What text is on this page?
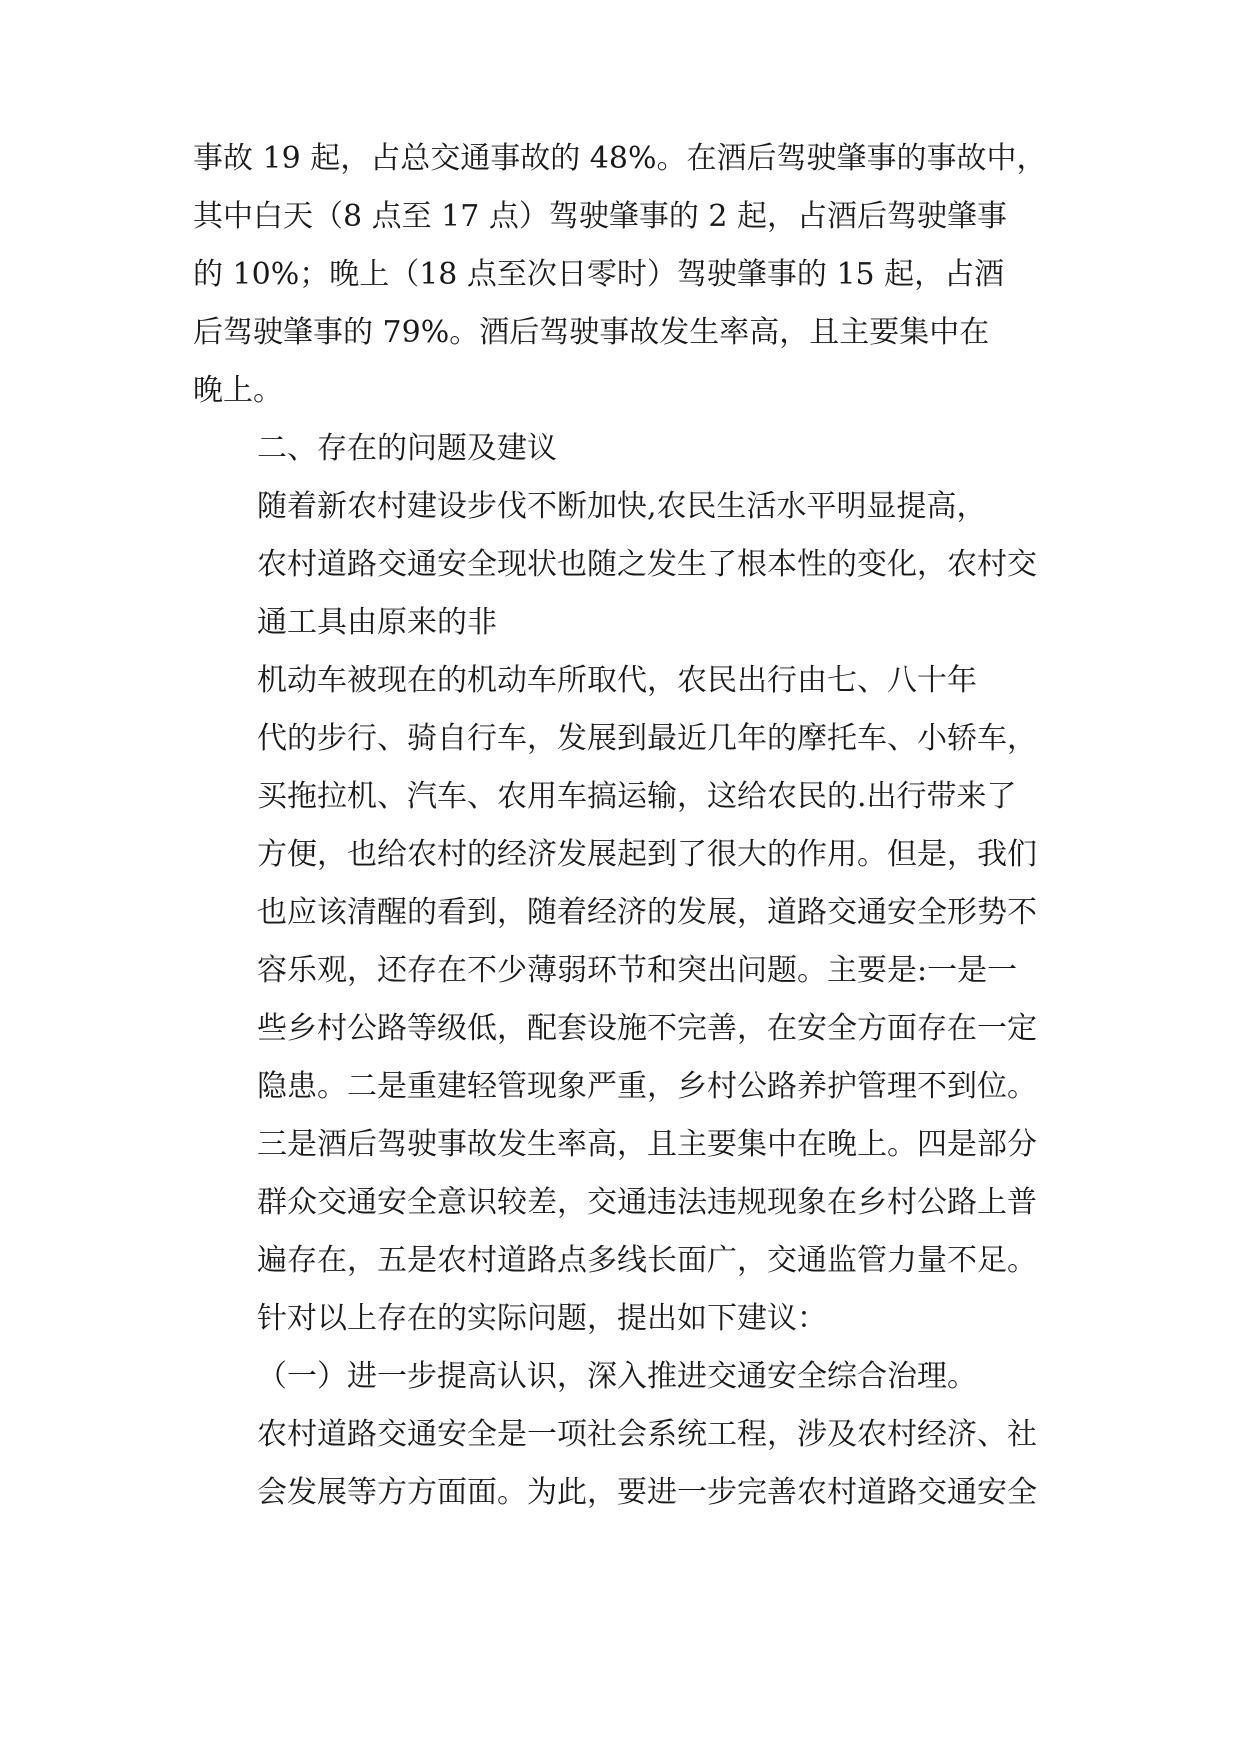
事故 19 起，占总交通事故的 48%。在酒后驾驶肇事的事故中，
其中白天（8 点至 17 点）驾驶肇事的 2 起，占酒后驾驶肇事
的 10%；晚上（18 点至次日零时）驾驶肇事的 15 起，占酒
后驾驶肇事的 79%。酒后驾驶事故发生率高，且主要集中在
晚上。

二、存在的问题及建议

随着新农村建设步伐不断加快,农民生活水平明显提高，
农村道路交通安全现状也随之发生了根本性的变化，农村交
通工具由原来的非

机动车被现在的机动车所取代，农民出行由七、八十年
代的步行、骑自行车，发展到最近几年的摩托车、小轿车，
买拖拉机、汽车、农用车搞运输，这给农民的.出行带来了
方便，也给农村的经济发展起到了很大的作用。但是，我们
也应该清醒的看到，随着经济的发展，道路交通安全形势不
容乐观，还存在不少薄弱环节和突出问题。主要是:一是一
些乡村公路等级低，配套设施不完善，在安全方面存在一定
隐患。二是重建轻管现象严重，乡村公路养护管理不到位。
三是酒后驾驶事故发生率高，且主要集中在晚上。四是部分
群众交通安全意识较差，交通违法违规现象在乡村公路上普
遍存在，五是农村道路点多线长面广，交通监管力量不足。

针对以上存在的实际问题，提出如下建议：

（一）进一步提高认识，深入推进交通安全综合治理。
农村道路交通安全是一项社会系统工程，涉及农村经济、社
会发展等方方面面。为此，要进一步完善农村道路交通安全
